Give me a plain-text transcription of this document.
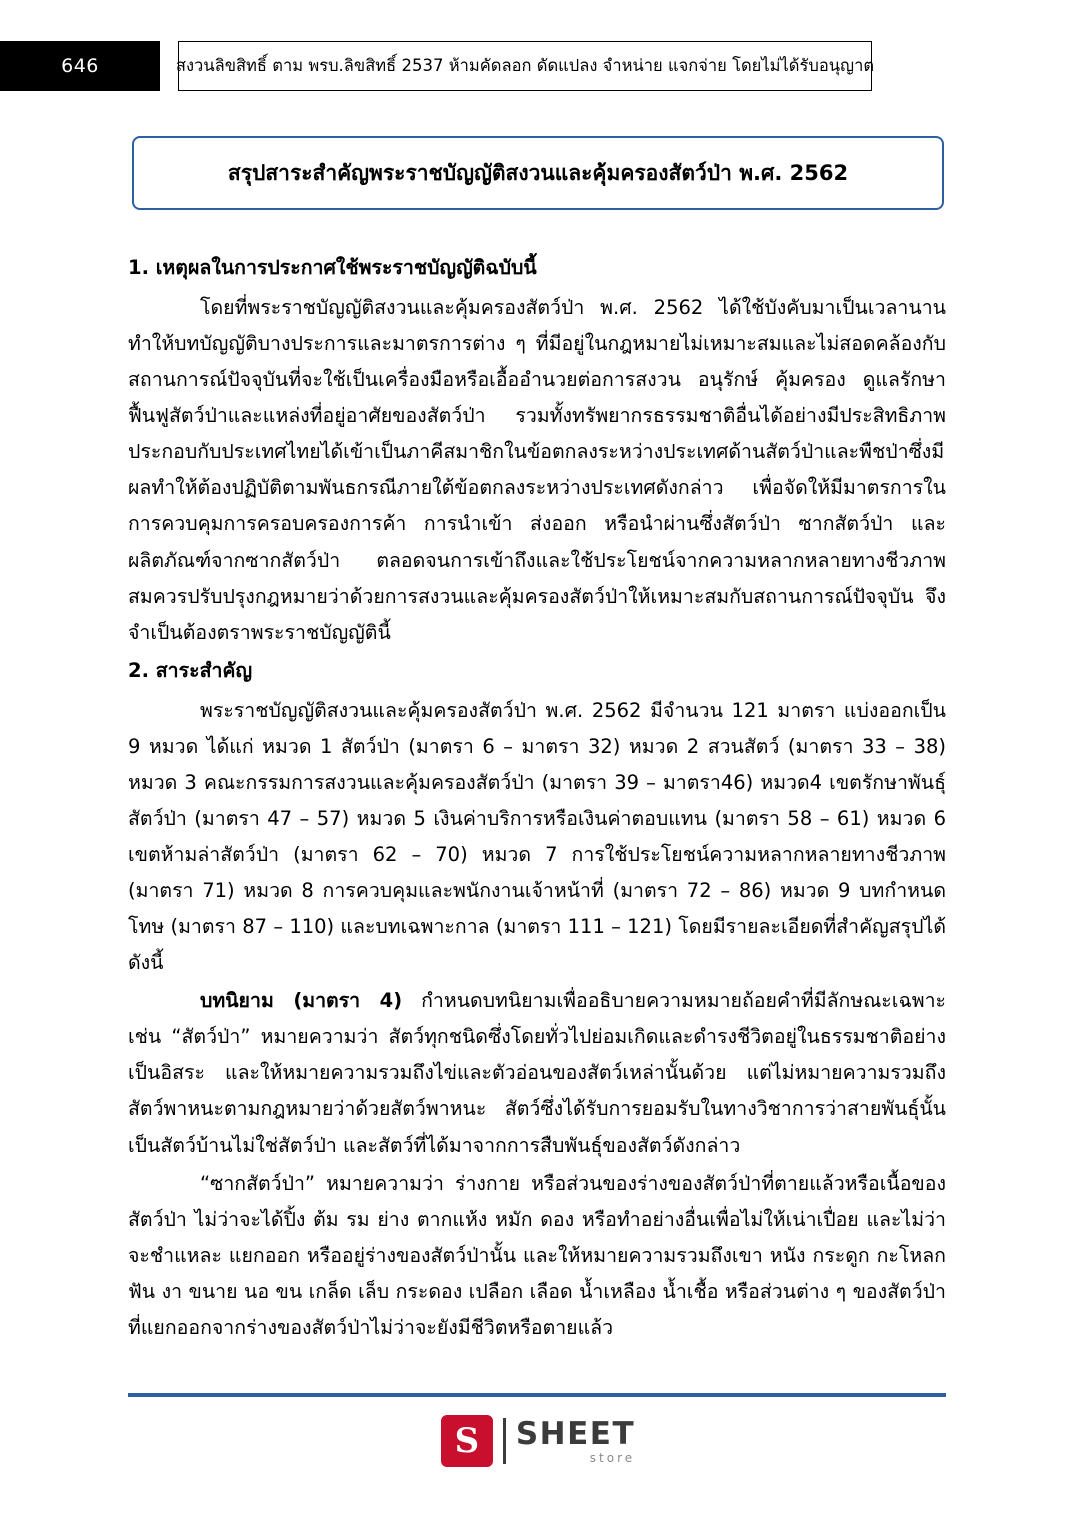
646	สงวนลิขสิทธิ์ ตาม พรบ.ลิขสิทธิ์ 2537 ห้ามคัดลอก ดัดแปลง จำหน่าย แจกจ่าย โดยไม่ได้รับอนุญาต
สรุปสาระสำคัญพระราชบัญญัติสงวนและคุ้มครองสัตว์ป่า พ.ศ. 2562
1. เหตุผลในการประกาศใช้พระราชบัญญัติฉบับนี้

โดยที่พระราชบัญญัติสงวนและคุ้มครองสัตว์ป่า พ.ศ. 2562 ได้ใช้บังคับมาเป็นเวลานานทำให้บทบัญญัติบางประการและมาตรการต่าง ๆ ที่มีอยู่ในกฎหมายไม่เหมาะสมและไม่สอดคล้องกับสถานการณ์ปัจจุบันที่จะใช้เป็นเครื่องมือหรือเอื้ออำนวยต่อการสงวน อนุรักษ์ คุ้มครอง ดูแลรักษา ฟื้นฟูสัตว์ป่าและแหล่งที่อยู่อาศัยของสัตว์ป่า รวมทั้งทรัพยากรธรรมชาติอื่นได้อย่างมีประสิทธิภาพ ประกอบกับประเทศไทยได้เข้าเป็นภาคีสมาชิกในข้อตกลงระหว่างประเทศด้านสัตว์ป่าและพืชป่าซึ่งมีผลทำให้ต้องปฏิบัติตามพันธกรณีภายใต้ข้อตกลงระหว่างประเทศดังกล่าว เพื่อจัดให้มีมาตรการในการควบคุมการครอบครองการค้า การนำเข้า ส่งออก หรือนำผ่านซึ่งสัตว์ป่า ซากสัตว์ป่า และผลิตภัณฑ์จากซากสัตว์ป่า ตลอดจนการเข้าถึงและใช้ประโยชน์จากความหลากหลายทางชีวภาพ สมควรปรับปรุงกฎหมายว่าด้วยการสงวนและคุ้มครองสัตว์ป่าให้เหมาะสมกับสถานการณ์ปัจจุบัน จึงจำเป็นต้องตราพระราชบัญญัตินี้

2. สาระสำคัญ

พระราชบัญญัติสงวนและคุ้มครองสัตว์ป่า พ.ศ. 2562 มีจำนวน 121 มาตรา แบ่งออกเป็น 9 หมวด ได้แก่ หมวด 1 สัตว์ป่า (มาตรา 6 – มาตรา 32) หมวด 2 สวนสัตว์ (มาตรา 33 – 38) หมวด 3 คณะกรรมการสงวนและคุ้มครองสัตว์ป่า (มาตรา 39 – มาตรา46) หมวด4 เขตรักษาพันธุ์สัตว์ป่า (มาตรา 47 – 57) หมวด 5 เงินค่าบริการหรือเงินค่าตอบแทน (มาตรา 58 – 61) หมวด 6 เขตห้ามล่าสัตว์ป่า (มาตรา 62 – 70) หมวด 7 การใช้ประโยชน์ความหลากหลายทางชีวภาพ (มาตรา 71) หมวด 8 การควบคุมและพนักงานเจ้าหน้าที่ (มาตรา 72 – 86) หมวด 9 บทกำหนดโทษ (มาตรา 87 – 110) และบทเฉพาะกาล (มาตรา 111 – 121) โดยมีรายละเอียดที่สำคัญสรุปได้ ดังนี้

บทนิยาม (มาตรา 4) กำหนดบทนิยามเพื่ออธิบายความหมายถ้อยคำที่มีลักษณะเฉพาะ เช่น “สัตว์ป่า” หมายความว่า สัตว์ทุกชนิดซึ่งโดยทั่วไปย่อมเกิดและดำรงชีวิตอยู่ในธรรมชาติอย่างเป็นอิสระ และให้หมายความรวมถึงไข่และตัวอ่อนของสัตว์เหล่านั้นด้วย แต่ไม่หมายความรวมถึงสัตว์พาหนะตามกฎหมายว่าด้วยสัตว์พาหนะ สัตว์ซึ่งได้รับการยอมรับในทางวิชาการว่าสายพันธุ์นั้นเป็นสัตว์บ้านไม่ใช่สัตว์ป่า และสัตว์ที่ได้มาจากการสืบพันธุ์ของสัตว์ดังกล่าว

“ซากสัตว์ป่า” หมายความว่า ร่างกาย หรือส่วนของร่างของสัตว์ป่าที่ตายแล้วหรือเนื้อของสัตว์ป่า ไม่ว่าจะได้ปิ้ง ต้ม รม ย่าง ตากแห้ง หมัก ดอง หรือทำอย่างอื่นเพื่อไม่ให้เน่าเปื่อย และไม่ว่าจะชำแหละ แยกออก หรืออยู่ร่างของสัตว์ป่านั้น และให้หมายความรวมถึงเขา หนัง กระดูก กะโหลก ฟัน งา ขนาย นอ ขน เกล็ด เล็บ กระดอง เปลือก เลือด น้ำเหลือง น้ำเชื้อ หรือส่วนต่าง ๆ ของสัตว์ป่าที่แยกออกจากร่างของสัตว์ป่าไม่ว่าจะยังมีชีวิตหรือตายแล้ว

S SHEET
store
